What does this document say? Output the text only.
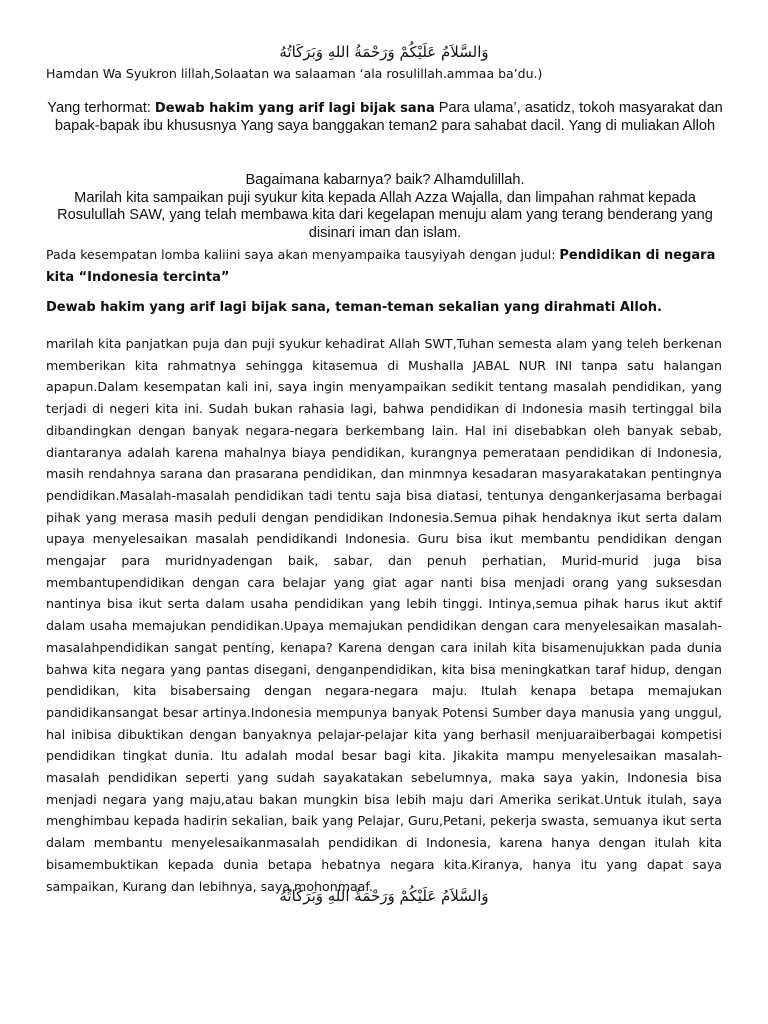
وَالسَّلاَمُ عَلَيْكُمْ وَرَحْمَةُ اللهِ وَبَرَكَاتُهُ
Hamdan Wa Syukron lillah,Solaatan wa salaaman ‘ala rosulillah.ammaa ba’du.)
Yang terhormat: Dewab hakim yang arif lagi bijak sana Para ulama’, asatidz, tokoh masyarakat dan bapak-bapak ibu khususnya Yang saya banggakan teman2 para sahabat dacil. Yang di muliakan Alloh
Bagaimana kabarnya? baik? Alhamdulillah.
Marilah kita sampaikan puji syukur kita kepada Allah Azza Wajalla, dan limpahan rahmat kepada Rosulullah SAW, yang telah membawa kita dari kegelapan menuju alam yang terang benderang yang disinari iman dan islam.
Pada kesempatan lomba kaliini saya akan menyampaika tausyiyah dengan judul: Pendidikan di negara kita “Indonesia tercinta”
Dewab hakim yang arif lagi bijak sana, teman-teman sekalian yang dirahmati Alloh.
marilah kita panjatkan puja dan puji syukur kehadirat Allah SWT,Tuhan semesta alam yang teleh berkenan memberikan kita rahmatnya sehingga kitasemua di Mushalla JABAL NUR INI tanpa satu halangan apapun.Dalam kesempatan kali ini, saya ingin menyampaikan sedikit tentang masalah pendidikan, yang terjadi di negeri kita ini. Sudah bukan rahasia lagi, bahwa pendidikan di Indonesia masih tertinggal bila dibandingkan dengan banyak negara-negara berkembang lain. Hal ini disebabkan oleh banyak sebab, diantaranya adalah karena mahalnya biaya pendidikan, kurangnya pemerataan pendidikan di Indonesia, masih rendahnya sarana dan prasarana pendidikan, dan minmnya kesadaran masyarakatakan pentingnya pendidikan.Masalah-masalah pendidikan tadi tentu saja bisa diatasi, tentunya dengankerjasama berbagai pihak yang merasa masih peduli dengan pendidikan Indonesia.Semua pihak hendaknya ikut serta dalam upaya menyelesaikan masalah pendidikandi Indonesia. Guru bisa ikut membantu pendidikan dengan mengajar para muridnyadengan baik, sabar, dan penuh perhatian, Murid-murid juga bisa membantupendidikan dengan cara belajar yang giat agar nanti bisa menjadi orang yang suksesdan nantinya bisa ikut serta dalam usaha pendidikan yang lebih tinggi. Intinya,semua pihak harus ikut aktif dalam usaha memajukan pendidikan.Upaya memajukan pendidikan dengan cara menyelesaikan masalah-masalahpendidikan sangat penting, kenapa? Karena dengan cara inilah kita bisamenujukkan pada dunia bahwa kita negara yang pantas disegani, denganpendidikan, kita bisa meningkatkan taraf hidup, dengan pendidikan, kita bisabersaing dengan negara-negara maju. Itulah kenapa betapa memajukan pandidikansangat besar artinya.Indonesia mempunya banyak Potensi Sumber daya manusia yang unggul, hal inibisa dibuktikan dengan banyaknya pelajar-pelajar kita yang berhasil menjuaraiberbagai kompetisi pendidikan tingkat dunia. Itu adalah modal besar bagi kita. Jikakita mampu menyelesaikan masalah-masalah pendidikan seperti yang sudah sayakatakan sebelumnya, maka saya yakin, Indonesia bisa menjadi negara yang maju,atau bakan mungkin bisa lebih maju dari Amerika serikat.Untuk itulah, saya menghimbau kepada hadirin sekalian, baik yang Pelajar, Guru,Petani, pekerja swasta, semuanya ikut serta dalam membantu menyelesaikanmasalah pendidikan di Indonesia, karena hanya dengan itulah kita bisamembuktikan kepada dunia betapa hebatnya negara kita.Kiranya, hanya itu yang dapat saya sampaikan, Kurang dan lebihnya, saya mohonmaaf.
وَالسَّلاَمُ عَلَيْكُمْ وَرَحْمَةُ اللهِ وَبَرَكَاتُهُ
